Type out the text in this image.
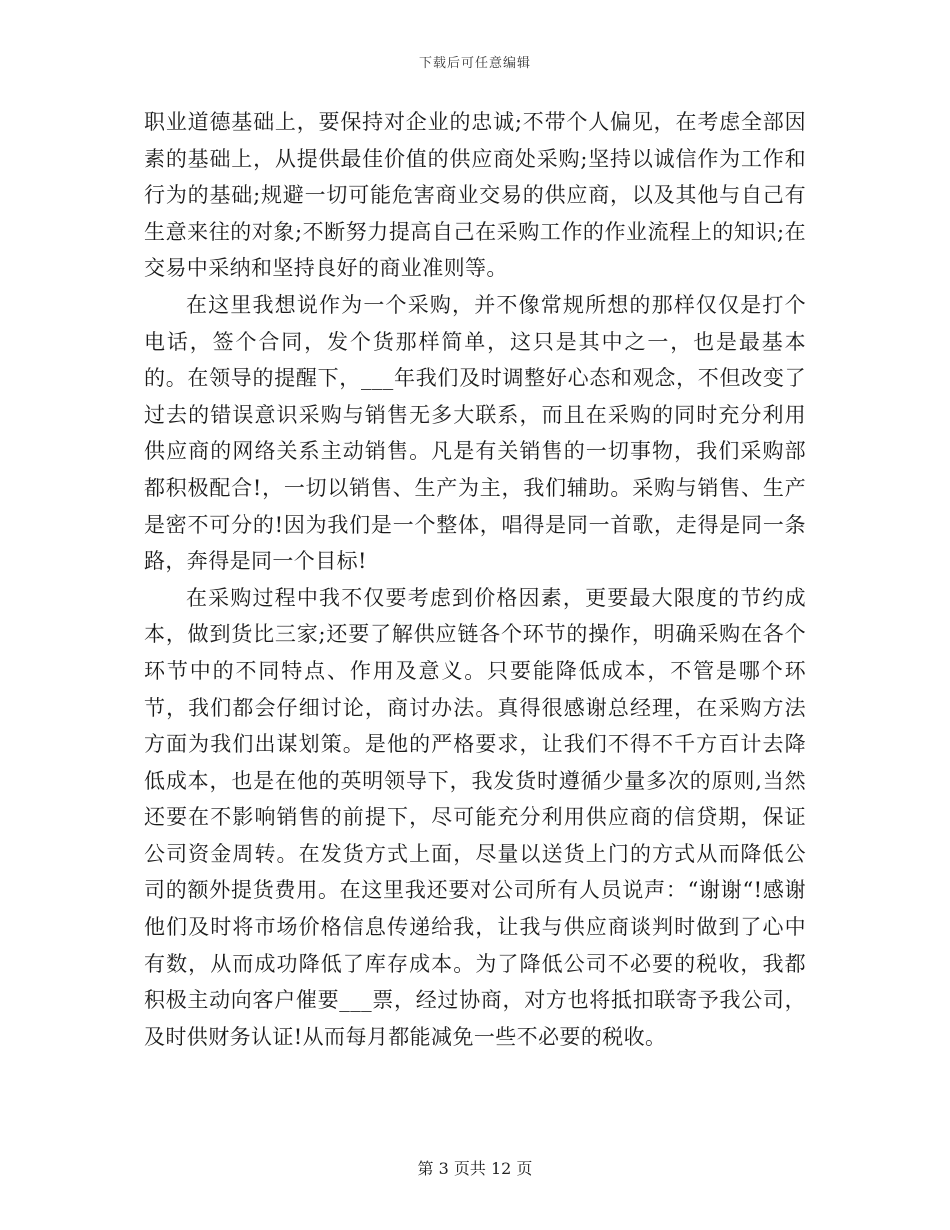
下载后可任意编辑

职业道德基础上，要保持对企业的忠诚;不带个人偏见，在考虑全部因素的基础上，从提供最佳价值的供应商处采购;坚持以诚信作为工作和行为的基础;规避一切可能危害商业交易的供应商，以及其他与自己有生意来往的对象;不断努力提高自己在采购工作的作业流程上的知识;在交易中采纳和坚持良好的商业准则等。

在这里我想说作为一个采购，并不像常规所想的那样仅仅是打个电话，签个合同，发个货那样简单，这只是其中之一，也是最基本的。在领导的提醒下，___年我们及时调整好心态和观念，不但改变了过去的错误意识采购与销售无多大联系，而且在采购的同时充分利用供应商的网络关系主动销售。凡是有关销售的一切事物，我们采购部都积极配合!，一切以销售、生产为主，我们辅助。采购与销售、生产是密不可分的!因为我们是一个整体，唱得是同一首歌，走得是同一条路，奔得是同一个目标!

在采购过程中我不仅要考虑到价格因素，更要最大限度的节约成本，做到货比三家;还要了解供应链各个环节的操作，明确采购在各个环节中的不同特点、作用及意义。只要能降低成本，不管是哪个环节，我们都会仔细讨论，商讨办法。真得很感谢总经理，在采购方法方面为我们出谋划策。是他的严格要求，让我们不得不千方百计去降低成本，也是在他的英明领导下，我发货时遵循少量多次的原则,当然还要在不影响销售的前提下，尽可能充分利用供应商的信贷期，保证公司资金周转。在发货方式上面，尽量以送货上门的方式从而降低公司的额外提货费用。在这里我还要对公司所有人员说声：“谢谢“!感谢他们及时将市场价格信息传递给我，让我与供应商谈判时做到了心中有数，从而成功降低了库存成本。为了降低公司不必要的税收，我都积极主动向客户催要___票，经过协商，对方也将抵扣联寄予我公司，及时供财务认证!从而每月都能减免一些不必要的税收。

第 3 页共 12 页
